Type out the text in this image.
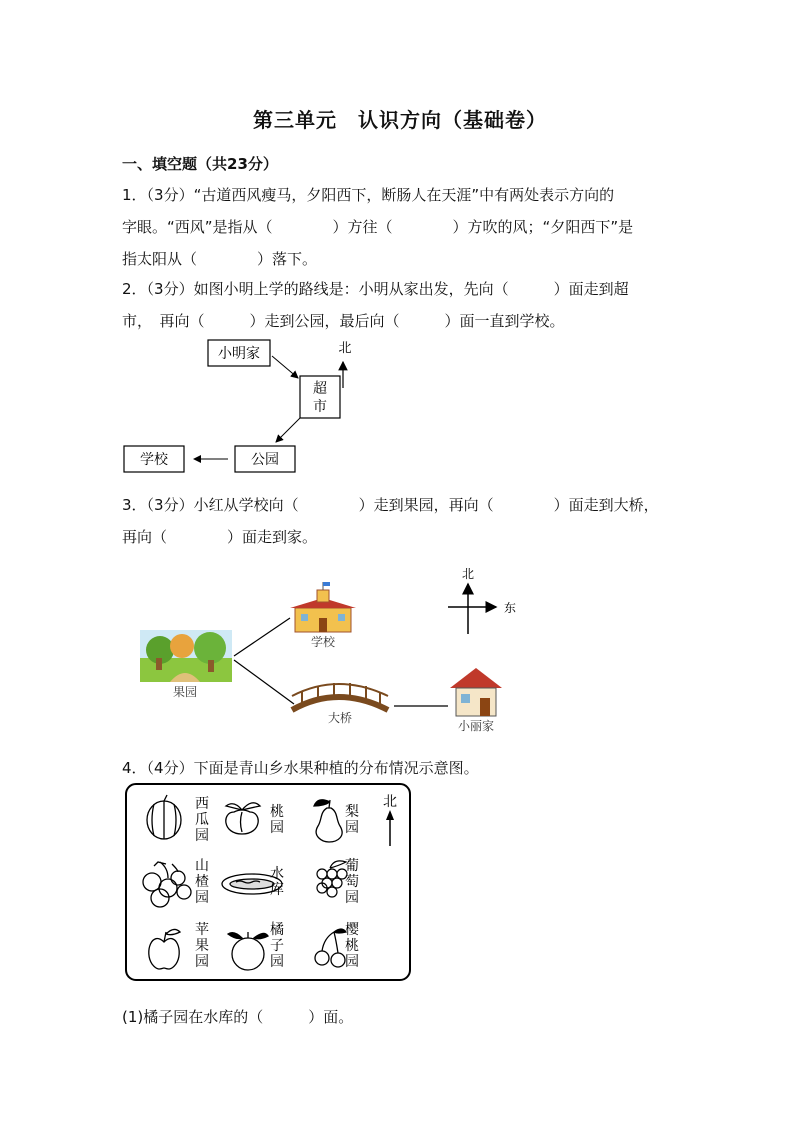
第三单元　认识方向（基础卷）
一、填空题（共23分）
1．（3分）“古道西风瘦马，夕阳西下，断肠人在天涯”中有两处表示方向的
字眼。“西风”是指从（　　　　）方往（　　　　）方吹的风；“夕阳西下”是
指太阳从（　　　　）落下。
2．（3分）如图小明上学的路线是：小明从家出发，先向（　　　）面走到超
市，　再向（　　　）走到公园，最后向（　　　）面一直到学校。
小明家
超
市
公园
学校
北
3．（3分）小红从学校向（　　　　）走到果园，再向（　　　　）面走到大桥，
再向（　　　　）面走到家。
果园
学校
大桥
小丽家
北
东
4．（4分）下面是青山乡水果种植的分布情况示意图。
北
西
瓜
园
桃
园
梨
园
山
楂
园
水
库
葡
萄
园
苹
果
园
橘
子
园
樱
桃
园
(1)橘子园在水库的（　　　）面。
